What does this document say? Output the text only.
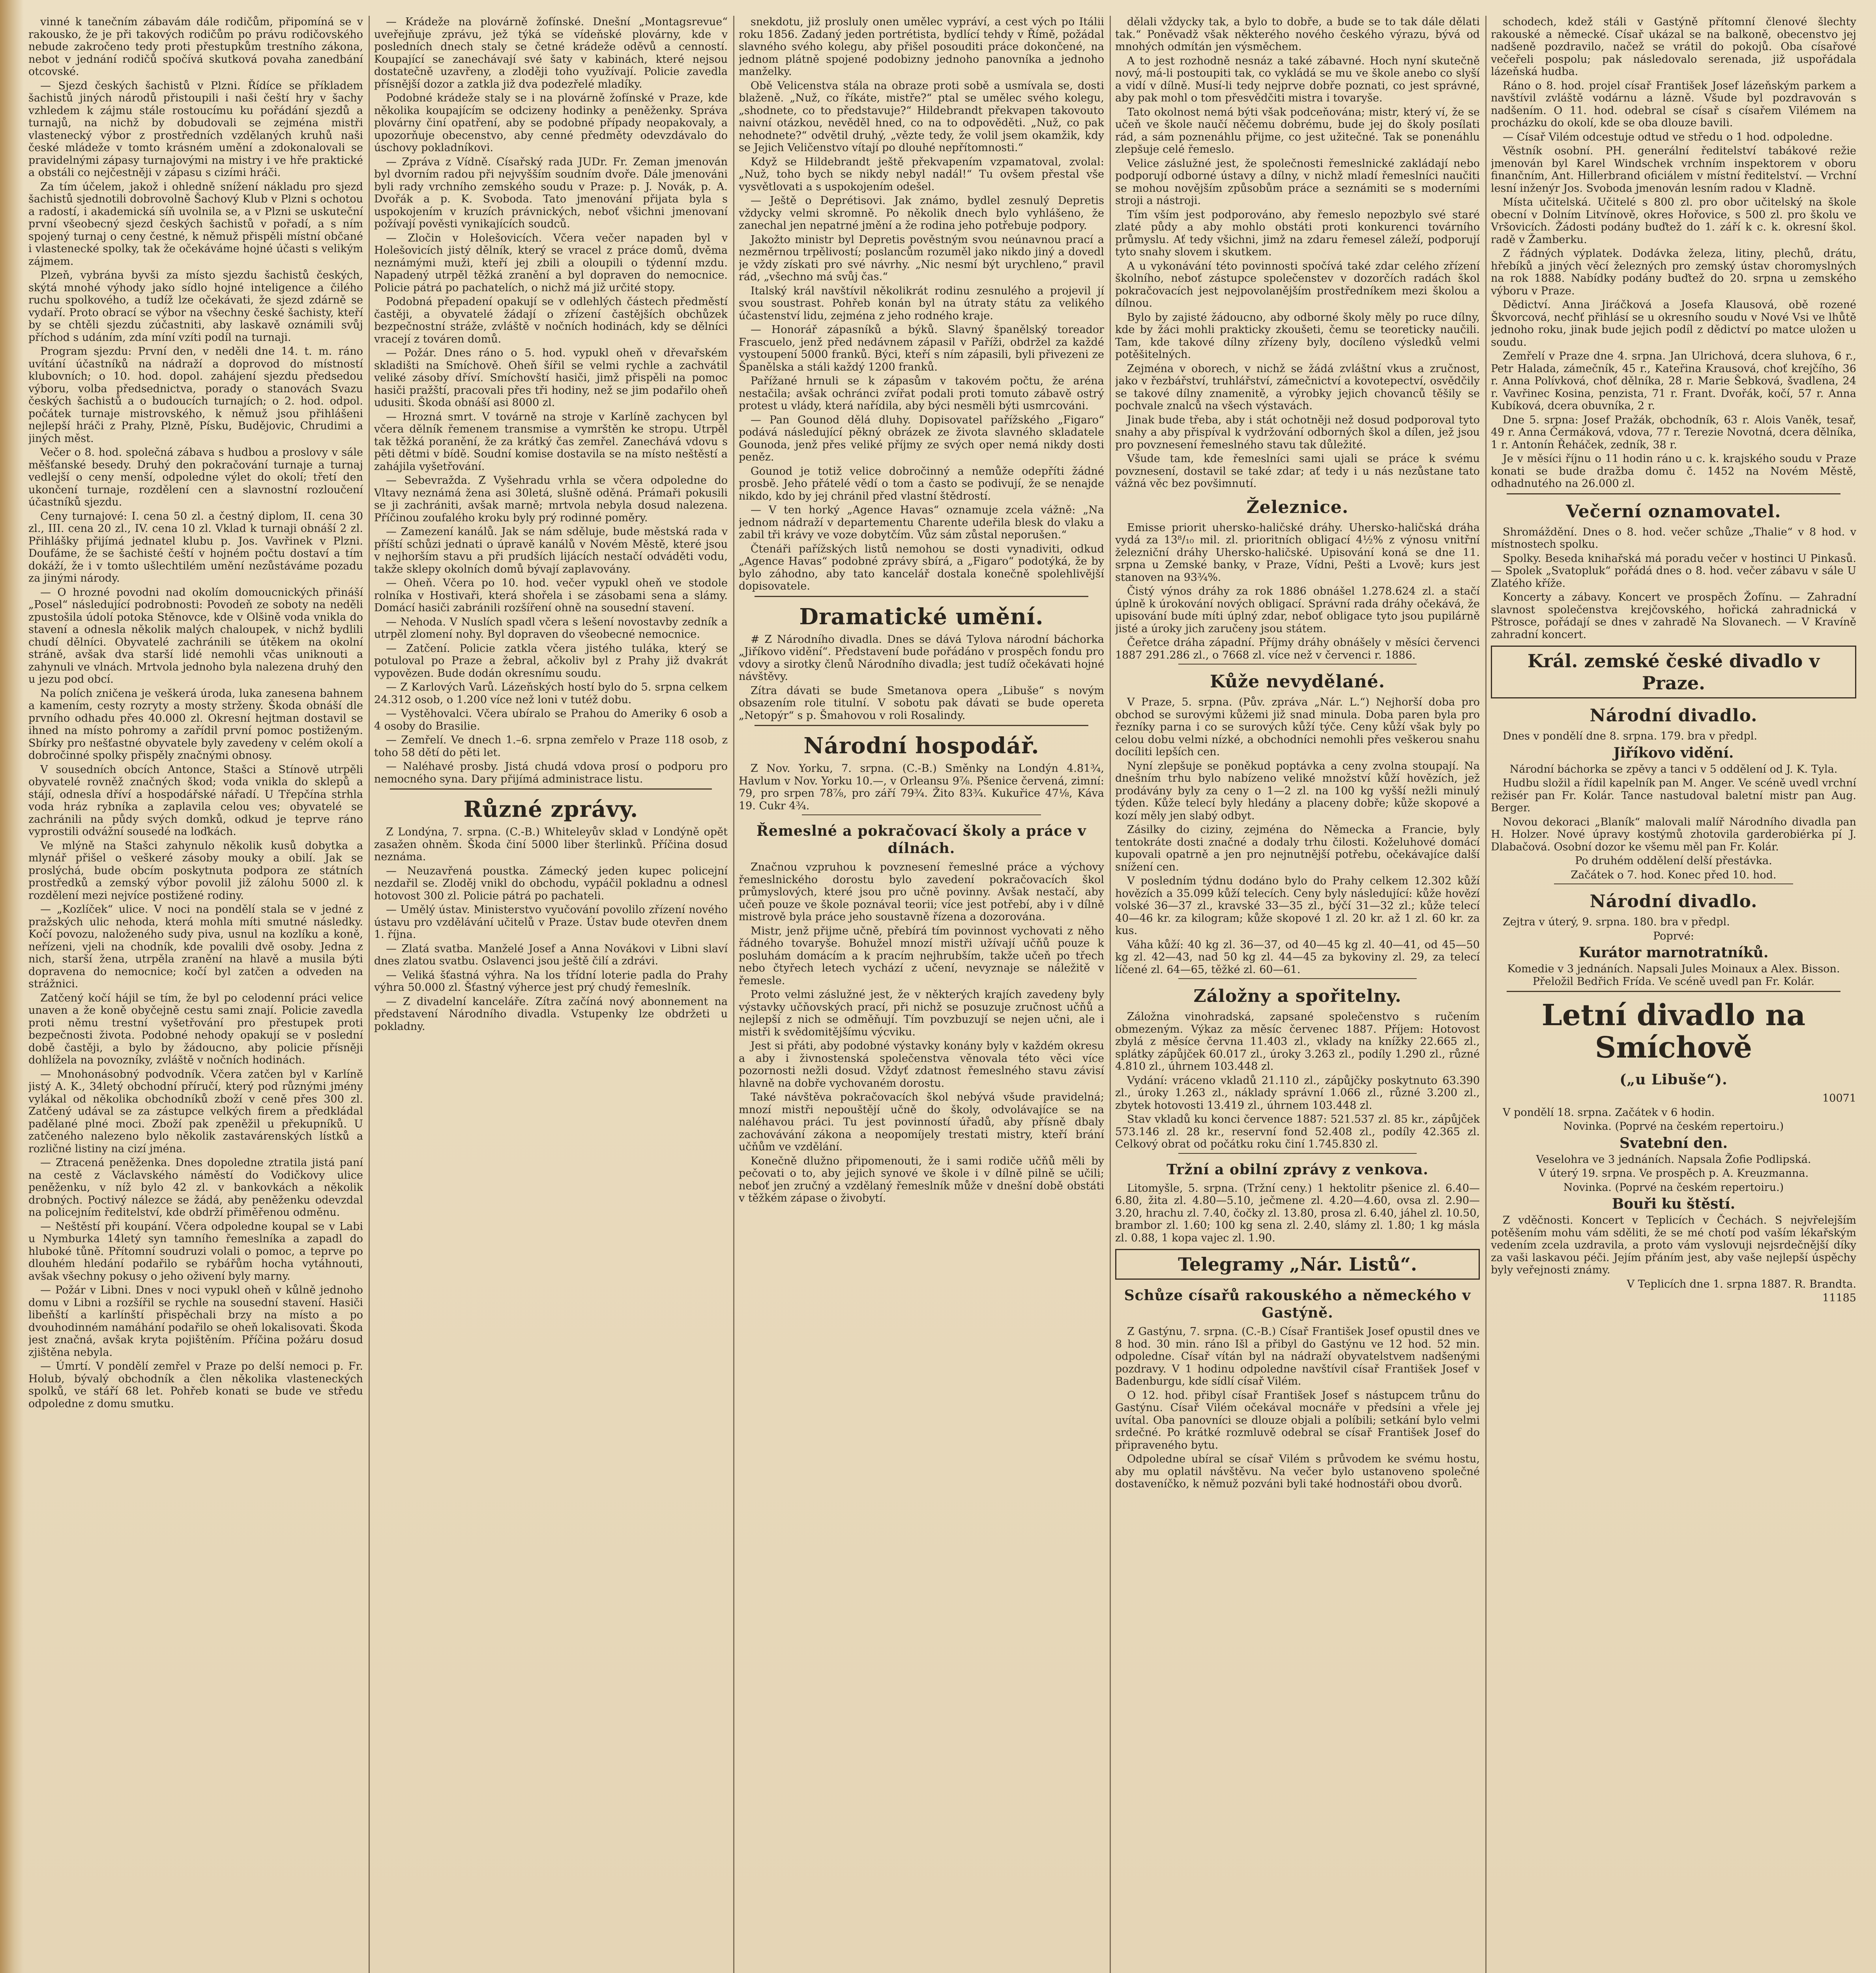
vinné k tanečním zábavám dále rodičům, připomíná se v rakousko, že je při takových rodičům po právu rodičovského nebude zakročeno tedy proti přestupkům trestního zákona, nebot v jednání rodičů spočívá skutková povaha zanedbání otcovské.

— Sjezd českých šachistů v Plzni. Řídíce se příkladem šachistů jiných národů přistoupili i naši čeští hry v šachy vzhledem k zájmu stále rostoucímu ku pořádání sjezdů a turnajů, na nichž by dobudovali se zejména mistři vlastenecký výbor z prostředních vzdělaných kruhů naši české mládeže v tomto krásném umění a zdokonalovali se pravidelnými zápasy turnajovými na mistry i ve hře praktické a obstáli co nejčestněji v zápasu s cizími hráči.

Za tím účelem, jakož i ohledně snížení nákladu pro sjezd šachistů sjednotili dobrovolně Šachový Klub v Plzni s ochotou a radostí, i akademická síň uvolnila se, a v Plzni se uskuteční první všeobecný sjezd českých šachistů v pořadí, a s ním spojený turnaj o ceny čestné, k němuž přispěli místní občané i vlastenecké spolky, tak že očekáváme hojné účasti s velikým zájmem.

Plzeň, vybrána byvši za místo sjezdu šachistů českých, skýtá mnohé výhody jako sídlo hojné inteligence a čilého ruchu spolkového, a tudíž lze očekávati, že sjezd zdárně se vydaří. Proto obrací se výbor na všechny české šachisty, kteří by se chtěli sjezdu zúčastniti, aby laskavě oznámili svůj příchod s udáním, zda míní vzíti podíl na turnaji.

Program sjezdu: První den, v neděli dne 14. t. m. ráno uvítání účastníků na nádraží a doprovod do místností klubovních; o 10. hod. dopol. zahájení sjezdu předsedou výboru, volba předsednictva, porady o stanovách Svazu českých šachistů a o budoucích turnajích; o 2. hod. odpol. počátek turnaje mistrovského, k němuž jsou přihlášeni nejlepší hráči z Prahy, Plzně, Písku, Budějovic, Chrudimi a jiných měst.

Večer o 8. hod. společná zábava s hudbou a proslovy v sále měšťanské besedy. Druhý den pokračování turnaje a turnaj vedlejší o ceny menší, odpoledne výlet do okolí; třetí den ukončení turnaje, rozdělení cen a slavnostní rozloučení účastníků sjezdu.

Ceny turnajové: I. cena 50 zl. a čestný diplom, II. cena 30 zl., III. cena 20 zl., IV. cena 10 zl. Vklad k turnaji obnáší 2 zl. Přihlášky přijímá jednatel klubu p. Jos. Vavřinek v Plzni. Doufáme, že se šachisté čeští v hojném počtu dostaví a tím dokáží, že i v tomto ušlechtilém umění nezůstáváme pozadu za jinými národy.

— O hrozné povodni nad okolím domoucnických přináší „Posel“ následující podrobnosti: Povodeň ze soboty na neděli zpustošila údolí potoka Stěnovce, kde v Olšině voda vnikla do stavení a odnesla několik malých chaloupek, v nichž bydlili chudí dělníci. Obyvatelé zachránili se útěkem na okolní stráně, avšak dva starší lidé nemohli včas uniknouti a zahynuli ve vlnách. Mrtvola jednoho byla nalezena druhý den u jezu pod obcí.

Na polích zničena je veškerá úroda, luka zanesena bahnem a kamením, cesty rozryty a mosty strženy. Škoda obnáší dle prvního odhadu přes 40.000 zl. Okresní hejtman dostavil se ihned na místo pohromy a zařídil první pomoc postiženým. Sbírky pro nešťastné obyvatele byly zavedeny v celém okolí a dobročinné spolky přispěly značnými obnosy.

V sousedních obcích Antonce, Stašci a Stínově utrpěli obyvatelé rovněž značných škod; voda vnikla do sklepů a stájí, odnesla dříví a hospodářské nářadí. U Třepčína strhla voda hráz rybníka a zaplavila celou ves; obyvatelé se zachránili na půdy svých domků, odkud je teprve ráno vyprostili odvážní sousedé na loďkách.

Ve mlýně na Stašci zahynulo několik kusů dobytka a mlynář přišel o veškeré zásoby mouky a obilí. Jak se proslýchá, bude obcím poskytnuta podpora ze státních prostředků a zemský výbor povolil již zálohu 5000 zl. k rozdělení mezi nejvíce postižené rodiny.

— „Kozlíček“ ulice. V noci na pondělí stala se v jedné z pražských ulic nehoda, která mohla míti smutné následky. Kočí povozu, naloženého sudy piva, usnul na kozlíku a koně, neřízeni, vjeli na chodník, kde povalili dvě osoby. Jedna z nich, starší žena, utrpěla zranění na hlavě a musila býti dopravena do nemocnice; kočí byl zatčen a odveden na strážnici.

Zatčený kočí hájil se tím, že byl po celodenní práci velice unaven a že koně obyčejně cestu sami znají. Policie zavedla proti němu trestní vyšetřování pro přestupek proti bezpečnosti života. Podobné nehody opakují se v poslední době častěji, a bylo by žádoucno, aby policie přísněji dohlížela na povozníky, zvláště v nočních hodinách.

— Mnohonásobný podvodník. Včera zatčen byl v Karlíně jistý A. K., 34letý obchodní příručí, který pod různými jmény vylákal od několika obchodníků zboží v ceně přes 300 zl. Zatčený udával se za zástupce velkých firem a předkládal padělané plné moci. Zboží pak zpeněžil u překupníků. U zatčeného nalezeno bylo několik zastavárenských lístků a rozličné listiny na cizí jména.

— Ztracená peněženka. Dnes dopoledne ztratila jistá paní na cestě z Václavského náměstí do Vodičkovy ulice peněženku, v níž bylo 42 zl. v bankovkách a několik drobných. Poctivý nálezce se žádá, aby peněženku odevzdal na policejním ředitelství, kde obdrží přiměřenou odměnu.

— Neštěstí při koupání. Včera odpoledne koupal se v Labi u Nymburka 14letý syn tamního řemeslníka a zapadl do hluboké tůně. Přítomní soudruzi volali o pomoc, a teprve po dlouhém hledání podařilo se rybářům hocha vytáhnouti, avšak všechny pokusy o jeho oživení byly marny.

— Požár v Libni. Dnes v noci vypukl oheň v kůlně jednoho domu v Libni a rozšířil se rychle na sousední stavení. Hasiči libeňští a karlínští přispěchali brzy na místo a po dvouhodinném namáhání podařilo se oheň lokalisovati. Škoda jest značná, avšak kryta pojištěním. Příčina požáru dosud zjištěna nebyla.

— Úmrtí. V pondělí zemřel v Praze po delší nemoci p. Fr. Holub, bývalý obchodník a člen několika vlasteneckých spolků, ve stáří 68 let. Pohřeb konati se bude ve středu odpoledne z domu smutku.

— Krádeže na plovárně žofínské. Dnešní „Montagsrevue“ uveřejňuje zprávu, jež týká se vídeňské plovárny, kde v posledních dnech staly se četné krádeže oděvů a cenností. Koupající se zanechávají své šaty v kabinách, které nejsou dostatečně uzavřeny, a zloději toho využívají. Policie zavedla přísnější dozor a zatkla již dva podezřelé mladíky.

Podobné krádeže staly se i na plovárně žofínské v Praze, kde několika koupajícím se odcizeny hodinky a peněženky. Správa plovárny činí opatření, aby se podobné případy neopakovaly, a upozorňuje obecenstvo, aby cenné předměty odevzdávalo do úschovy pokladníkovi.

— Zpráva z Vídně. Císařský rada JUDr. Fr. Zeman jmenován byl dvorním radou při nejvyšším soudním dvoře. Dále jmenováni byli rady vrchního zemského soudu v Praze: p. J. Novák, p. A. Dvořák a p. K. Svoboda. Tato jmenování přijata byla s uspokojením v kruzích právnických, neboť všichni jmenovaní požívají pověsti vynikajících soudců.

— Zločin v Holešovicích. Včera večer napaden byl v Holešovicích jistý dělník, který se vracel z práce domů, dvěma neznámými muži, kteří jej zbili a oloupili o týdenní mzdu. Napadený utrpěl těžká zranění a byl dopraven do nemocnice. Policie pátrá po pachatelích, o nichž má již určité stopy.

Podobná přepadení opakují se v odlehlých částech předměstí častěji, a obyvatelé žádají o zřízení častějších obchůzek bezpečnostní stráže, zvláště v nočních hodinách, kdy se dělníci vracejí z továren domů.

— Požár. Dnes ráno o 5. hod. vypukl oheň v dřevařském skladišti na Smíchově. Oheň šířil se velmi rychle a zachvátil veliké zásoby dříví. Smíchovští hasiči, jimž přispěli na pomoc hasiči pražští, pracovali přes tři hodiny, než se jim podařilo oheň udusiti. Škoda obnáší asi 8000 zl.

— Hrozná smrt. V továrně na stroje v Karlíně zachycen byl včera dělník řemenem transmise a vymrštěn ke stropu. Utrpěl tak těžká poranění, že za krátký čas zemřel. Zanechává vdovu s pěti dětmi v bídě. Soudní komise dostavila se na místo neštěstí a zahájila vyšetřování.

— Sebevražda. Z Vyšehradu vrhla se včera odpoledne do Vltavy neznámá žena asi 30letá, slušně oděná. Prámaři pokusili se ji zachrániti, avšak marně; mrtvola nebyla dosud nalezena. Příčinou zoufalého kroku byly prý rodinné poměry.

— Zamezení kanálů. Jak se nám sděluje, bude městská rada v příští schůzi jednati o úpravě kanálů v Novém Městě, které jsou v nejhorším stavu a při prudších lijácích nestačí odváděti vodu, takže sklepy okolních domů bývají zaplavovány.

— Oheň. Včera po 10. hod. večer vypukl oheň ve stodole rolníka v Hostivaři, která shořela i se zásobami sena a slámy. Domácí hasiči zabránili rozšíření ohně na sousední stavení.

— Nehoda. V Nuslích spadl včera s lešení novostavby zedník a utrpěl zlomení nohy. Byl dopraven do všeobecné nemocnice.

— Zatčení. Policie zatkla včera jistého tuláka, který se potuloval po Praze a žebral, ačkoliv byl z Prahy již dvakrát vypovězen. Bude dodán okresnímu soudu.

— Z Karlových Varů. Lázeňských hostí bylo do 5. srpna celkem 24.312 osob, o 1.200 více než loni v tutéž dobu.

— Vystěhovalci. Včera ubíralo se Prahou do Ameriky 6 osob a 4 osoby do Brasilie.

— Zemřelí. Ve dnech 1.–6. srpna zemřelo v Praze 118 osob, z toho 58 dětí do pěti let.

— Naléhavé prosby. Jistá chudá vdova prosí o podporu pro nemocného syna. Dary přijímá administrace listu.

Různé zprávy.

Z Londýna, 7. srpna. (C.-B.) Whiteleyův sklad v Londýně opět zasažen ohněm. Škoda činí 5000 liber šterlinků. Příčina dosud neznáma.

— Neuzavřená poustka. Zámecký jeden kupec policejní nezdařil se. Zloděj vnikl do obchodu, vypáčil pokladnu a odnesl hotovost 300 zl. Policie pátrá po pachateli.

— Umělý ústav. Ministerstvo vyučování povolilo zřízení nového ústavu pro vzdělávání učitelů v Praze. Ústav bude otevřen dnem 1. října.

— Zlatá svatba. Manželé Josef a Anna Novákovi v Libni slaví dnes zlatou svatbu. Oslavenci jsou ještě čilí a zdrávi.

— Veliká šťastná výhra. Na los třídní loterie padla do Prahy výhra 50.000 zl. Šťastný výherce jest prý chudý řemeslník.

— Z divadelní kanceláře. Zítra začíná nový abonnement na představení Národního divadla. Vstupenky lze obdržeti u pokladny.

snekdotu, již prosluly onen umělec vypráví, a cest vých po Itálii roku 1856. Zadaný jeden portrétista, bydlící tehdy v Římě, požádal slavného svého kolegu, aby přišel posouditi práce dokončené, na jednom plátně spojené podobizny jednoho panovníka a jednoho manželky.

Obě Velicenstva stála na obraze proti sobě a usmívala se, dosti blaženě. „Nuž, co říkáte, mistře?“ ptal se umělec svého kolegu, „shodnete, co to představuje?“ Hildebrandt překvapen takovouto naivní otázkou, nevěděl hned, co na to odpověděti. „Nuž, co pak nehodnete?“ odvětil druhý, „vězte tedy, že volil jsem okamžik, kdy se Jejich Veličenstvo vítají po dlouhé nepřítomnosti.“

Když se Hildebrandt ještě překvapením vzpamatoval, zvolal: „Nuž, toho bych se nikdy nebyl nadál!“ Tu ovšem přestal vše vysvětlovati a s uspokojením odešel.

— Ještě o Deprétisovi. Jak známo, bydlel zesnulý Depretis vždycky velmi skromně. Po několik dnech bylo vyhlášeno, že zanechal jen nepatrné jmění a že rodina jeho potřebuje podpory.

Jakožto ministr byl Depretis pověstným svou neúnavnou prací a nezměrnou trpělivostí; poslancům rozuměl jako nikdo jiný a dovedl je vždy získati pro své návrhy. „Nic nesmí být urychleno,“ pravil rád, „všechno má svůj čas.“

Italský král navštívil několikrát rodinu zesnulého a projevil jí svou soustrast. Pohřeb konán byl na útraty státu za velikého účastenství lidu, zejména z jeho rodného kraje.

— Honorář zápasníků a býků. Slavný španělský toreador Frascuelo, jenž před nedávnem zápasil v Paříži, obdržel za každé vystoupení 5000 franků. Býci, kteří s ním zápasili, byli přivezeni ze Španělska a stáli každý 1200 franků.

Pařížané hrnuli se k zápasům v takovém počtu, že aréna nestačila; avšak ochránci zvířat podali proti tomuto zábavě ostrý protest u vlády, která nařídila, aby býci nesměli býti usmrcováni.

— Pan Gounod dělá dluhy. Dopisovatel pařížského „Figaro“ podává následující pěkný obrázek ze života slavného skladatele Gounoda, jenž přes veliké příjmy ze svých oper nemá nikdy dosti peněz.

Gounod je totiž velice dobročinný a nemůže odepříti žádné prosbě. Jeho přátelé vědí o tom a často se podivují, že se nenajde nikdo, kdo by jej chránil před vlastní štědrostí.

— V ten horký „Agence Havas“ oznamuje zcela vážně: „Na jednom nádraží v departementu Charente udeřila blesk do vlaku a zabil tři krávy ve voze dobytčím. Vůz sám zůstal neporušen.“

Čtenáři pařížských listů nemohou se dosti vynadiviti, odkud „Agence Havas“ podobné zprávy sbírá, a „Figaro“ podotýká, že by bylo záhodno, aby tato kancelář dostala konečně spolehlivější dopisovatele.

Dramatické umění.

# Z Národního divadla. Dnes se dává Tylova národní báchorka „Jiříkovo vidění“. Představení bude pořádáno v prospěch fondu pro vdovy a sirotky členů Národního divadla; jest tudíž očekávati hojné návštěvy.

Zítra dávati se bude Smetanova opera „Libuše“ s novým obsazením role titulní. V sobotu pak dávati se bude opereta „Netopýr“ s p. Šmahovou v roli Rosalindy.

Národní hospodář.

Z Nov. Yorku, 7. srpna. (C.-B.) Směnky na Londýn 4.81¾, Havlum v Nov. Yorku 10.—, v Orleansu 9⅞. Pšenice červená, zimní: 79, pro srpen 78⅞, pro září 79¾. Žito 83¾. Kukuřice 47⅛, Káva 19. Cukr 4¾.

Řemeslné a pokračovací školy a práce v dílnách.

Značnou vzpruhou k povznesení řemeslné práce a výchovy řemeslnického dorostu bylo zavedení pokračovacích škol průmyslových, které jsou pro učně povinny. Avšak nestačí, aby učeň pouze ve škole poznával teorii; více jest potřebí, aby i v dílně mistrově byla práce jeho soustavně řízena a dozorována.

Mistr, jenž přijme učně, přebírá tím povinnost vychovati z něho řádného tovaryše. Bohužel mnozí mistři užívají učňů pouze k posluhám domácím a k pracím nejhrubším, takže učeň po třech nebo čtyřech letech vychází z učení, nevyznaje se náležitě v řemesle.

Proto velmi záslužné jest, že v některých krajích zavedeny byly výstavky učňovských prací, při nichž se posuzuje zručnost učňů a nejlepší z nich se odměňují. Tím povzbuzují se nejen učni, ale i mistři k svědomitějšímu výcviku.

Jest si přáti, aby podobné výstavky konány byly v každém okresu a aby i živnostenská společenstva věnovala této věci více pozornosti nežli dosud. Vždyť zdatnost řemeslného stavu závisí hlavně na dobře vychovaném dorostu.

Také návštěva pokračovacích škol nebývá všude pravidelná; mnozí mistři nepouštějí učně do školy, odvolávajíce se na naléhavou práci. Tu jest povinností úřadů, aby přísně dbaly zachovávání zákona a neopomíjely trestati mistry, kteří brání učňům ve vzdělání.

Konečně dlužno připomenouti, že i sami rodiče učňů měli by pečovati o to, aby jejich synové ve škole i v dílně pilně se učili; neboť jen zručný a vzdělaný řemeslník může v dnešní době obstáti v těžkém zápase o živobytí.

dělali vždycky tak, a bylo to dobře, a bude se to tak dále dělati tak.“ Poněvadž však některého nového českého výrazu, bývá od mnohých odmítán jen výsměchem.

A to jest rozhodně nesnáz a také zábavné. Hoch nyní skutečně nový, má-li postoupiti tak, co vykládá se mu ve škole anebo co slyší a vidí v dílně. Musí-li tedy nejprve dobře poznati, co jest správné, aby pak mohl o tom přesvědčiti mistra i tovaryše.

Tato okolnost nemá býti však podceňována; mistr, který ví, že se učeň ve škole naučí něčemu dobrému, bude jej do školy posílati rád, a sám poznenáhlu přijme, co jest užitečné. Tak se ponenáhlu zlepšuje celé řemeslo.

Velice záslužné jest, že společnosti řemeslnické zakládají nebo podporují odborné ústavy a dílny, v nichž mladí řemeslníci naučiti se mohou novějším způsobům práce a seznámiti se s moderními stroji a nástroji.

Tím vším jest podporováno, aby řemeslo nepozbylo své staré zlaté půdy a aby mohlo obstáti proti konkurenci továrního průmyslu. Ať tedy všichni, jimž na zdaru řemesel záleží, podporují tyto snahy slovem i skutkem.

A u vykonávání této povinnosti spočívá také zdar celého zřízení školního, neboť zástupce společenstev v dozorčích radách škol pokračovacích jest nejpovolanějším prostředníkem mezi školou a dílnou.

Bylo by zajisté žádoucno, aby odborné školy měly po ruce dílny, kde by žáci mohli prakticky zkoušeti, čemu se teoreticky naučili. Tam, kde takové dílny zřízeny byly, docíleno výsledků velmi potěšitelných.

Zejména v oborech, v nichž se žádá zvláštní vkus a zručnost, jako v řezbářství, truhlářství, zámečnictví a kovotepectví, osvědčily se takové dílny znamenitě, a výrobky jejich chovanců těšily se pochvale znalců na všech výstavách.

Jinak bude třeba, aby i stát ochotněji než dosud podporoval tyto snahy a aby přispíval k vydržování odborných škol a dílen, jež jsou pro povznesení řemeslného stavu tak důležité.

Všude tam, kde řemeslníci sami ujali se práce k svému povznesení, dostavil se také zdar; ať tedy i u nás nezůstane tato vážná věc bez povšimnutí.

Železnice.

Emisse priorit uhersko-haličské dráhy. Uhersko-haličská dráha vydá za 13⁸/₁₀ mil. zl. prioritních obligací 4½% z výnosu vnitřní železniční dráhy Uhersko-haličské. Upisování koná se dne 11. srpna u Zemské banky, v Praze, Vídni, Pešti a Lvově; kurs jest stanoven na 93¾%.

Čistý výnos dráhy za rok 1886 obnášel 1.278.624 zl. a stačí úplně k úrokování nových obligací. Správní rada dráhy očekává, že upisování bude míti úplný zdar, neboť obligace tyto jsou pupilárně jisté a úroky jich zaručeny jsou státem.

Čeřetce dráha západní. Příjmy dráhy obnášely v měsíci červenci 1887 291.286 zl., o 7668 zl. více než v červenci r. 1886.

Kůže nevydělané.

V Praze, 5. srpna. (Pův. zpráva „Nár. L.“) Nejhorší doba pro obchod se surovými kůžemi již snad minula. Doba paren byla pro řezníky parna i co se surových kůží týče. Ceny kůží však byly po celou dobu velmi nízké, a obchodníci nemohli přes veškerou snahu docíliti lepších cen.

Nyní zlepšuje se poněkud poptávka a ceny zvolna stoupají. Na dnešním trhu bylo nabízeno veliké množství kůží hovězích, jež prodávány byly za ceny o 1—2 zl. na 100 kg vyšší nežli minulý týden. Kůže telecí byly hledány a placeny dobře; kůže skopové a kozí měly jen slabý odbyt.

Zásilky do ciziny, zejména do Německa a Francie, byly tentokráte dosti značné a dodaly trhu čilosti. Koželuhové domácí kupovali opatrně a jen pro nejnutnější potřebu, očekávajíce další snížení cen.

V posledním týdnu dodáno bylo do Prahy celkem 12.302 kůží hovězích a 35.099 kůží telecích. Ceny byly následující: kůže hovězí volské 36—37 zl., kravské 33—35 zl., býčí 31—32 zl.; kůže telecí 40—46 kr. za kilogram; kůže skopové 1 zl. 20 kr. až 1 zl. 60 kr. za kus.

Váha kůží: 40 kg zl. 36—37, od 40—45 kg zl. 40—41, od 45—50 kg zl. 42—43, nad 50 kg zl. 44—45 za bykoviny zl. 29, za telecí líčené zl. 64—65, těžké zl. 60—61.

Záložny a spořitelny.

Záložna vinohradská, zapsané společenstvo s ručením obmezeným. Výkaz za měsíc červenec 1887. Příjem: Hotovost zbylá z měsíce června 11.403 zl., vklady na knížky 22.665 zl., splátky zápůjček 60.017 zl., úroky 3.263 zl., podíly 1.290 zl., různé 4.810 zl., úhrnem 103.448 zl.

Vydání: vráceno vkladů 21.110 zl., zápůjčky poskytnuto 63.390 zl., úroky 1.263 zl., náklady správní 1.066 zl., různé 3.200 zl., zbytek hotovosti 13.419 zl., úhrnem 103.448 zl.

Stav vkladů ku konci července 1887: 521.537 zl. 85 kr., zápůjček 573.146 zl. 28 kr., reservní fond 52.408 zl., podíly 42.365 zl. Celkový obrat od počátku roku činí 1.745.830 zl.

Tržní a obilní zprávy z venkova.

Litomyšle, 5. srpna. (Tržní ceny.) 1 hektolitr pšenice zl. 6.40—6.80, žita zl. 4.80—5.10, ječmene zl. 4.20—4.60, ovsa zl. 2.90—3.20, hrachu zl. 7.40, čočky zl. 13.80, prosa zl. 6.40, jáhel zl. 10.50, brambor zl. 1.60; 100 kg sena zl. 2.40, slámy zl. 1.80; 1 kg másla zl. 0.88, 1 kopa vajec zl. 1.90.

Telegramy „Nár. Listů“.
Schůze císařů rakouského a německého v Gastýně.

Z Gastýnu, 7. srpna. (C.-B.) Císař František Josef opustil dnes ve 8 hod. 30 min. ráno Išl a přibyl do Gastýnu ve 12 hod. 52 min. odpoledne. Císař vítán byl na nádraží obyvatelstvem nadšenými pozdravy. V 1 hodinu odpoledne navštívil císař František Josef v Badenburgu, kde sídlí císař Vilém.

O 12. hod. přibyl císař František Josef s nástupcem trůnu do Gastýnu. Císař Vilém očekával mocnáře v předsíni a vřele jej uvítal. Oba panovníci se dlouze objali a políbili; setkání bylo velmi srdečné. Po krátké rozmluvě odebral se císař František Josef do připraveného bytu.

Odpoledne ubíral se císař Vilém s průvodem ke svému hostu, aby mu oplatil návštěvu. Na večer bylo ustanoveno společné dostaveníčko, k němuž pozváni byli také hodnostáři obou dvorů.

schodech, kdež stáli v Gastýně přítomní členové šlechty rakouské a německé. Císař ukázal se na balkoně, obecenstvo jej nadšeně pozdravilo, načež se vrátil do pokojů. Oba císařové večeřeli pospolu; pak následovalo serenada, již uspořádala lázeňská hudba.

Ráno o 8. hod. projel císař František Josef lázeňským parkem a navštívil zvláště vodárnu a lázně. Všude byl pozdravován s nadšením. O 11. hod. odebral se císař s císařem Vilémem na procházku do okolí, kde se oba dlouze bavili.

— Císař Vilém odcestuje odtud ve středu o 1 hod. odpoledne.

Věstník osobní. PH. generální ředitelství tabákové režie jmenován byl Karel Windschek vrchním inspektorem v oboru finančním, Ant. Hillerbrand oficiálem v místní ředitelství. — Vrchní lesní inženýr Jos. Svoboda jmenován lesním radou v Kladně.

Místa učitelská. Učitelé s 800 zl. pro obor učitelský na škole obecní v Dolním Litvínově, okres Hořovice, s 500 zl. pro školu ve Vršovicích. Žádosti podány buďtež do 1. září k c. k. okresní škol. radě v Žamberku.

Z řádných výplatek. Dodávka železa, litiny, plechů, drátu, hřebíků a jiných věcí železných pro zemský ústav choromyslných na rok 1888. Nabídky podány buďtež do 20. srpna u zemského výboru v Praze.

Dědictví. Anna Jiráčková a Josefa Klausová, obě rozené Škvorcová, nechť přihlásí se u okresního soudu v Nové Vsi ve lhůtě jednoho roku, jinak bude jejich podíl z dědictví po matce uložen u soudu.

Zemřelí v Praze dne 4. srpna. Jan Ulrichová, dcera sluhova, 6 r., Petr Halada, zámečník, 45 r., Kateřina Krausová, choť krejčího, 36 r. Anna Polívková, choť dělníka, 28 r. Marie Šebková, švadlena, 24 r. Vavřinec Kosina, penzista, 71 r. Frant. Dvořák, kočí, 57 r. Anna Kubíková, dcera obuvníka, 2 r.

Dne 5. srpna: Josef Pražák, obchodník, 63 r. Alois Vaněk, tesař, 49 r. Anna Čermáková, vdova, 77 r. Terezie Novotná, dcera dělníka, 1 r. Antonín Řeháček, zedník, 38 r.

Je v měsíci říjnu o 11 hodin ráno u c. k. krajského soudu v Praze konati se bude dražba domu č. 1452 na Novém Městě, odhadnutého na 26.000 zl.

Večerní oznamovatel.

Shromáždění. Dnes o 8. hod. večer schůze „Thalie“ v 8 hod. v místnostech spolku.

Spolky. Beseda knihařská má poradu večer v hostinci U Pinkasů. — Spolek „Svatopluk“ pořádá dnes o 8. hod. večer zábavu v sále U Zlatého kříže.

Koncerty a zábavy. Koncert ve prospěch Žofínu. — Zahradní slavnost společenstva krejčovského, hořická zahradnická v Pštrosce, pořádají se dnes v zahradě Na Slovanech. — V Kravíně zahradní koncert.

Král. zemské české divadlo v Praze.
Národní divadlo.

Dnes v pondělí dne 8. srpna. 179. bra v předpl.

Jiříkovo vidění.

Národní báchorka se zpěvy a tanci v 5 oddělení od J. K. Tyla.

Hudbu složil a řídil kapelník pan M. Anger. Ve scéně uvedl vrchní režisér pan Fr. Kolár. Tance nastudoval baletní mistr pan Aug. Berger.

Novou dekoraci „Blaník“ malovali malíř Národního divadla pan H. Holzer. Nové úpravy kostýmů zhotovila garderobiérka pí J. Dlabačová. Osobní dozor ke všemu měl pan Fr. Kolár.

Po druhém oddělení delší přestávka.

Začátek o 7. hod. Konec před 10. hod.

Národní divadlo.

Zejtra v úterý, 9. srpna. 180. bra v předpl.

Poprvé:

Kurátor marnotratníků.

Komedie v 3 jednáních. Napsali Jules Moinaux a Alex. Bisson. Přeložil Bedřich Frída. Ve scéně uvedl pan Fr. Kolár.

Letní divadlo na Smíchově
(„u Libuše“).

10071

V pondělí 18. srpna. Začátek v 6 hodin.

Novinka. (Poprvé na českém repertoiru.)

Svatební den.

Veselohra ve 3 jednáních. Napsala Žofie Podlipská.

V úterý 19. srpna. Ve prospěch p. A. Kreuzmanna.

Novinka. (Poprvé na českém repertoiru.)

Bouři ku štěstí.

Z vděčnosti. Koncert v Teplicích v Čechách. S nejvřelejším potěšením mohu vám sděliti, že se mé chotí pod vaším lékařským vedením zcela uzdravila, a proto vám vyslovuji nejsrdečnější díky za vaši laskavou péči. Jejím přáním jest, aby vaše nejlepší úspěchy byly veřejnosti známy.

V Teplicích dne 1. srpna 1887. R. Brandta.

11185
